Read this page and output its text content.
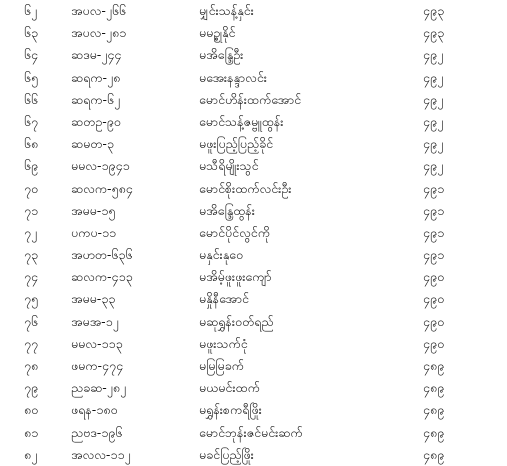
၆၂	အပလ-၂၆၆	မျှင်းသန့်နှင်း	၄၉၃
၆၃	အပလ-၂၈၁	မမဥ္စုနိုင်	၄၉၃
၆၄	ဆဒမ-၂၄၄	မအိန္ဒြေဦး	၄၉၂
၆၅	ဆရက-၂၈	မအေးနန္ဒာလင်း	၄၉၂
၆၆	ဆရက-၆၂	မောင်ဟိန်းထက်အောင်	၄၉၂
၆၇	ဆတဥ-၉၀	မောင်သန့်ဇမ္ဗူထွန်း	၄၉၂
၆၈	ဆမတ-၃	မဖူးပြည့်ပြည့်ခိုင်	၄၉၂
၆၉	မမလ-၁၉၄၁	မသီရိမျိုးသွင်	၄၉၂
၇၀	ဆလက-၅၈၄	မောင်စိုးထက်လင်းဦး	၄၉၁
၇၁	အမမ-၁၅	မအိန္ဒြေထွန်း	၄၉၁
၇၂	ပကပ-၁၁	မောင်ပိုင်လွင်ကို	၄၉၁
၇၃	အဟတ-၆၃၆	မနှင်းနုဝေ	၄၉၁
၇၄	ဆလက-၄၁၃	မအိမ့်ဖူးဖူးကျော်	၄၉၀
၇၅	အမမ-၃၃	မနှိုနီအောင်	၄၉၀
၇၆	အမအ-၁၂	မဆုရွှန်းဝတ်ရည်	၄၉၀
၇၇	မမလ-၁၁၃	မဖူးသက်ငုံ	၄၉၀
၇၈	ဖမက-၄၇၄	မမြမြခက်	၄၈၉
၇၉	ညခဆ-၂၈၂	မယမင်းထက်	၄၈၉
၈၀	ဖရန-၁၈၀	မရွှန်းစကရီဖြိုး	၄၈၉
၈၁	ညဗဒ-၁၉၆	မောင်ဘုန်းဇင်မင်းဆက်	၄၈၉
၈၂	အလလ-၁၁၂	မခင်ပြည့်ဖြိုး	၄၈၉
